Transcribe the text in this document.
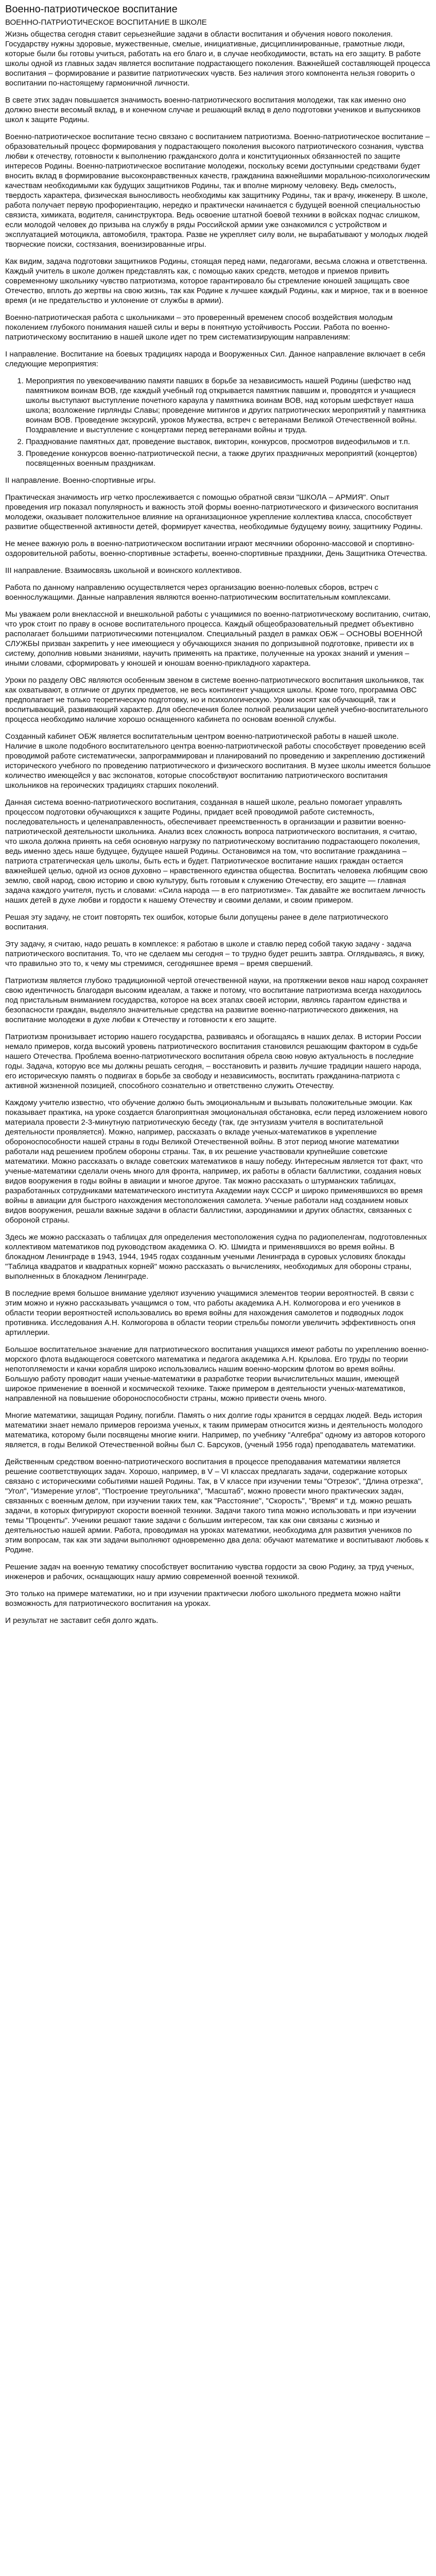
Военно-патриотическое воспитание
ВОЕННО-ПАТРИОТИЧЕСКОЕ ВОСПИТАНИЕ В ШКОЛЕ

Жизнь общества сегодня ставит серьезнейшие задачи в области воспитания и обучения нового поколения. Государству нужны здоровые, мужественные, смелые, инициативные, дисциплинированные, грамотные люди, которые были бы готовы учиться, работать на его благо и, в случае необходимости, встать на его защиту. В работе школы одной из главных задач является воспитание подрастающего поколения. Важнейшей составляющей процесса воспитания – формирование и развитие патриотических чувств. Без наличия этого компонента нельзя говорить о воспитании по-настоящему гармоничной личности.

В свете этих задач повышается значимость военно-патриотического воспитания молодежи, так как именно оно должно внести весомый вклад, в и конечном случае и решающий вклад в дело подготовки учеников и выпускников школ к защите Родины.

Военно-патриотическое воспитание тесно связано с воспитанием патриотизма. Военно-патриотическое воспитание – образовательный процесс формирования у подрастающего поколения высокого патриотического сознания, чувства любви к отечеству, готовности к выполнению гражданского долга и конституционных обязанностей по защите интересов Родины. Военно-патриотическое воспитание молодежи, поскольку всеми доступными средствами будет вносить вклад в формирование высоконравственных качеств, гражданина важнейшими моральною-психологическим качествам необходимыми как будущих защитников Родины, так и вполне мирному человеку. Ведь смелость, твердость характера, физическая выносливость необходимы как защитнику Родины, так и врачу, инженеру. В школе, работа получает первую профориентацию, нередко и практически начинается с будущей военной специальностью связиста, химиката, водителя, санинструктора. Ведь освоение штатной боевой техники в войсках подчас слишком, если молодой человек до призыва на службу в ряды Российской армии уже ознакомился с устройством и эксплуатацией мотоцикла, автомобиля, трактора. Разве не укрепляет силу воли, не вырабатывают у молодых людей творческие поиски, состязания, военизированные игры.

Как видим, задача подготовки защитников Родины, стоящая перед нами, педагогами, весьма сложна и ответственна. Каждый учитель в школе должен представлять как, с помощью каких средств, методов и приемов привить современному школьнику чувство патриотизма, которое гарантировало бы стремление юношей защищать свое Отечество, вплоть до жертвы на свою жизнь, так как Родине к лучшее каждый Родины, как и мирное, так и в военное время (и не предательство и уклонение от службы в армии).

Военно-патриотическая работа с школьниками – это проверенный временем способ воздействия молодым поколением глубокого понимания нашей силы и веры в понятную устойчивость России. Работа по военно-патриотическому воспитанию в нашей школе идет по трем систематизирующим направлениям:

I направление. Воспитание на боевых традициях народа и Вооруженных Сил. Данное направление включает в себя следующие мероприятия:

1. Мероприятия по увековечиванию памяти павших в борьбе за независимость нашей Родины (шефство над памятником воинам ВОВ, где каждый учебный год открывается памятник павшим и, проводятся и учащиеся школы выступают выступление почетного караула у памятника воинам ВОВ, над которым шефствует наша школа; возложение гирлянды Славы; проведение митингов и других патриотических мероприятий у памятника воинам ВОВ. Проведение экскурсий, уроков Мужества, встреч с ветеранами Великой Отечественной войны. Поздравление и выступление с концертами перед ветеранами войны и труда.
2. Празднование памятных дат, проведение выставок, викторин, конкурсов, просмотров видеофильмов и т.п.
3. Проведение конкурсов военно-патриотической песни, а также других праздничных мероприятий (концертов) посвященных военным праздникам.

II направление. Военно-спортивные игры.

Практическая значимость игр четко прослеживается с помощью обратной связи "ШКОЛА – АРМИЯ". Опыт проведения игр показал популярность и важность этой формы военно-патриотического и физического воспитания молодежи, оказывает положительное влияние на организационное укрепление коллектива класса, способствует развитие общественной активности детей, формирует качества, необходимые будущему воину, защитнику Родины.

Не менее важную роль в военно-патриотическом воспитании играют месячники оборонно-массовой и спортивно-оздоровительной работы, военно-спортивные эстафеты, военно-спортивные праздники, День Защитника Отечества.

III направление. Взаимосвязь школьной и воинского коллективов.

Работа по данному направлению осуществляется через организацию военно-полевых сборов, встреч с военнослужащими. Данные направления являются военно-патриотическим воспитательным комплексами.

Мы уважаем роли внеклассной и внешкольной работы с учащимися по военно-патриотическому воспитанию, считаю, что урок стоит по праву в основе воспитательного процесса. Каждый общеобразовательный предмет объективно располагает большими патриотическими потенциалом. Специальный раздел в рамках ОБЖ – ОСНОВЫ ВОЕННОЙ СЛУЖБЫ призван закрепить у нее имеющиеся у обучающихся знания по допризывной подготовке, привести их в систему, дополнив новыми знаниями, научить применять на практике, полученные на уроках знаний и умения – иными словами, сформировать у юношей и юношам военно-прикладного характера.

Уроки по разделу ОВС являются особенным звеном в системе военно-патриотического воспитания школьников, так как охватывают, в отличие от других предметов, не весь контингент учащихся школы. Кроме того, программа ОВС предполагает не только теоретическую подготовку, но и психологическую. Уроки носят как обучающий, так и воспитывающий, развивающий характер. Для обеспечения более полной реализации целей учебно-воспитательного процесса необходимо наличие хорошо оснащенного кабинета по основам военной службы.

Созданный кабинет ОБЖ является воспитательным центром военно-патриотической работы в нашей школе. Наличие в школе подобного воспитательного центра военно-патриотической работы способствует проведению всей проводимой работе систематически, запрограммирован и планирований по проведению и закреплению достижений исторического учебного по проведению патриотического и физического воспитания. В музее школы имеется большое количество имеющейся у вас экспонатов, которые способствуют воспитанию патриотического воспитания школьников на героических традициях старших поколений.

Данная система военно-патриотического воспитания, созданная в нашей школе, реально помогает управлять процессом подготовки обучающихся к защите Родины, придает всей проводимой работе системность, последовательность и целенаправленность, обеспечивает преемственность в организации и развитии военно-патриотической деятельности школьника. Анализ всех сложность вопроса патриотического воспитания, я считаю, что школа должна принять на себя основную нагрузку по патриотическому воспитанию подрастающего поколения, ведь именно здесь наше будущее, будущее нашей Родины. Остановимся на том, что воспитание гражданина – патриота стратегическая цель школы, быть есть и будет. Патриотическое воспитание наших граждан остается важнейшей целью, одной из основ духовно – нравственного единства общества. Воспитать человека любящим свою землю, свой народ, свою историю и свою культуру, быть готовым к служению Отечеству, его защите — главная задача каждого учителя, пусть и словами: «Сила народа — в его патриотизме». Так давайте же воспитаем личность наших детей в духе любви и гордости к нашему Отечеству и своими делами, и своим примером.

Решая эту задачу, не стоит повторять тех ошибок, которые были допущены ранее в деле патриотического воспитания.

Эту задачу, я считаю, надо решать в комплексе: я работаю в школе и ставлю перед собой такую задачу - задача патриотического воспитания. То, что не сделаем мы сегодня – то трудно будет решить завтра. Оглядываясь, я вижу, что правильно это то, к чему мы стремимся, сегодняшнее время – время свершений.

Патриотизм является глубоко традиционной чертой отечественной науки, на протяжении веков наш народ сохраняет свою идентичность благодаря высоким идеалам, а также и потому, что воспитание патриотизма всегда находилось под пристальным вниманием государства, которое на всех этапах своей истории, являясь гарантом единства и безопасности граждан, выделяло значительные средства на развитие военно-патриотического движения, на воспитание молодежи в духе любви к Отечеству и готовности к его защите.

Патриотизм пронизывает историю нашего государства, развиваясь и обогащаясь в наших делах. В истории России немало примеров, когда высокий уровень патриотического воспитания становился решающим фактором в судьбе нашего Отечества. Проблема военно-патриотического воспитания обрела свою новую актуальность в последние годы. Задача, которую все мы должны решать сегодня, – восстановить и развить лучшие традиции нашего народа, его историческую память о подвигах в борьбе за свободу и независимость, воспитать гражданина-патриота с активной жизненной позицией, способного сознательно и ответственно служить Отечеству.

Каждому учителю известно, что обучение должно быть эмоциональным и вызывать положительные эмоции. Как показывает практика, на уроке создается благоприятная эмоциональная обстановка, если перед изложением нового материала провести 2-3-минутную патриотическую беседу (так, где энтузиазм учителя в воспитательной деятельности проявляется). Можно, например, рассказать о вкладе ученых-математиков в укрепление обороноспособности нашей страны в годы Великой Отечественной войны. В этот период многие математики работали над решением проблем обороны страны. Так, в их решение участвовали крупнейшие советские математики. Можно рассказать о вкладе советских математиков в нашу победу. Интересным является тот факт, что ученые-математики сделали очень много для фронта, например, их работы в области баллистики, создания новых видов вооружения в годы войны в авиации и многое другое. Так можно рассказать о штурманских таблицах, разработанных сотрудниками математического института Академии наук СССР и широко применявшихся во время войны в авиации для быстрого нахождения местоположения самолета. Ученые работали над созданием новых видов вооружения, решали важные задачи в области баллистики, аэродинамики и других областях, связанных с обороной страны.

Здесь же можно рассказать о таблицах для определения местоположения судна по радиопеленгам, подготовленных коллективом математиков под руководством академика О. Ю. Шмидта и применявшихся во время войны. В блокадном Ленинграде в 1943, 1944, 1945 годах созданным учеными Ленинграда в суровых условиях блокады "Таблица квадратов и квадратных корней" можно рассказать о вычислениях, необходимых для обороны страны, выполненных в блокадном Ленинграде.

В последние время большое внимание уделяют изучению учащимися элементов теории вероятностей. В связи с этим можно и нужно рассказывать учащимся о том, что работы академика А.Н. Колмогорова и его учеников в области теории вероятностей использовались во время войны для нахождения самолетов и подводных лодок противника. Исследования А.Н. Колмогорова в области теории стрельбы помогли увеличить эффективность огня артиллерии.

Большое воспитательное значение для патриотического воспитания учащихся имеют работы по укреплению военно-морского флота выдающегося советского математика и педагога академика А.Н. Крылова. Его труды по теории непотопляемости и качки корабля широко использовались нашим военно-морским флотом во время войны. Большую работу проводит наши ученые-математики в разработке теории вычислительных машин, имеющей широкое применение в военной и космической технике. Также примером в деятельности ученых-математиков, направленной на повышение обороноспособности страны, можно привести очень много.

Многие математики, защищая Родину, погибли. Память о них долгие годы хранится в сердцах людей. Ведь история математики знает немало примеров героизма ученых, к таким примерам относится жизнь и деятельность молодого математика, которому были посвящены многие книги. Например, по учебнику "Алгебра" одному из авторов которого является, в годы Великой Отечественной войны был С. Барсуков, (ученый 1956 года) преподаватель математики.

Действенным средством военно-патриотического воспитания в процессе преподавания математики является решение соответствующих задач. Хорошо, например, в V – VI классах предлагать задачи, содержание которых связано с историческими событиями нашей Родины. Так, в V классе при изучении темы "Отрезок", "Длина отрезка", "Угол", "Измерение углов", "Построение треугольника", "Масштаб", можно провести много практических задач, связанных с военным делом, при изучении таких тем, как "Расстояние", "Скорость", "Время" и т.д. можно решать задачи, в которых фигурируют скорости военной техники. Задачи такого типа можно использовать и при изучении темы "Проценты". Ученики решают такие задачи с большим интересом, так как они связаны с жизнью и деятельностью нашей армии. Работа, проводимая на уроках математики, необходима для развития учеников по этим вопросам, так как эти задачи выполняют одновременно два дела: обучают математике и воспитывают любовь к Родине.

Решение задач на военную тематику способствует воспитанию чувства гордости за свою Родину, за труд ученых, инженеров и рабочих, оснащающих нашу армию современной военной техникой.

Это только на примере математики, но и при изучении практически любого школьного предмета можно найти возможность для патриотического воспитания на уроках.

И результат не заставит себя долго ждать.
